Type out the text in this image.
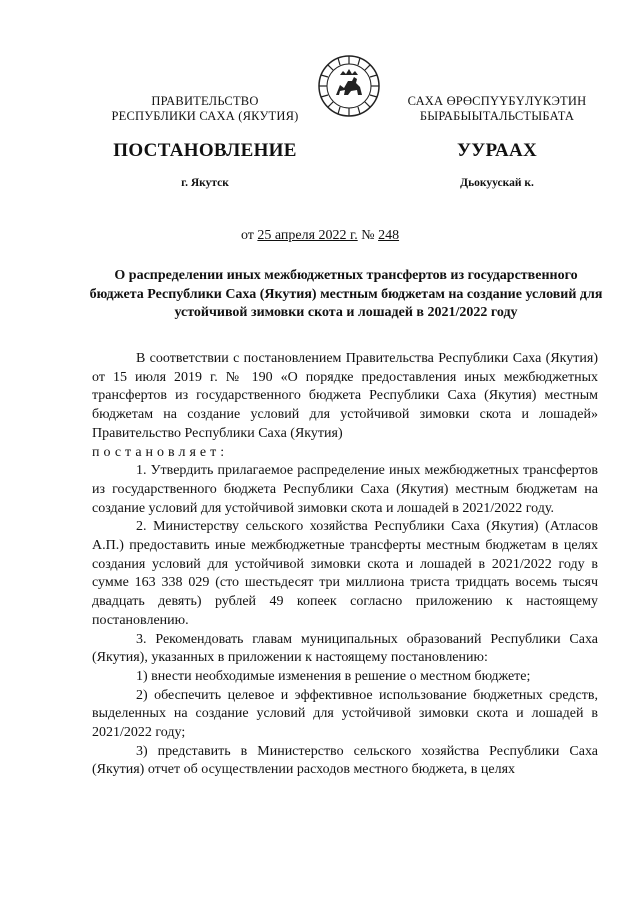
ПРАВИТЕЛЬСТВО
РЕСПУБЛИКИ САХА (ЯКУТИЯ)
САХА ӨРӨСПҮҮБҮЛҮКЭТИН
БЫРАБЫЫТАЛЬСТЫБАТА
ПОСТАНОВЛЕНИЕ	УУРААХ
г. Якутск	Дьокуускай к.
от 25 апреля 2022 г. № 248
О распределении иных межбюджетных трансфертов из государственного бюджета Республики Саха (Якутия) местным бюджетам на создание условий для устойчивой зимовки скота и лошадей в 2021/2022 году

В соответствии с постановлением Правительства Республики Саха (Якутия) от 15 июля 2019 г. № 190 «О порядке предоставления иных межбюджетных трансфертов из государственного бюджета Республики Саха (Якутия) местным бюджетам на создание условий для устойчивой зимовки скота и лошадей» Правительство Республики Саха (Якутия)
постановляет:

1. Утвердить прилагаемое распределение иных межбюджетных трансфертов из государственного бюджета Республики Саха (Якутия) местным бюджетам на создание условий для устойчивой зимовки скота и лошадей в 2021/2022 году.

2. Министерству сельского хозяйства Республики Саха (Якутия) (Атласов А.П.) предоставить иные межбюджетные трансферты местным бюджетам в целях создания условий для устойчивой зимовки скота и лошадей в 2021/2022 году в сумме 163 338 029 (сто шестьдесят три миллиона триста тридцать восемь тысяч двадцать девять) рублей 49 копеек согласно приложению к настоящему постановлению.

3. Рекомендовать главам муниципальных образований Республики Саха (Якутия), указанных в приложении к настоящему постановлению:

1) внести необходимые изменения в решение о местном бюджете;

2) обеспечить целевое и эффективное использование бюджетных средств, выделенных на создание условий для устойчивой зимовки скота и лошадей в 2021/2022 году;

3) представить в Министерство сельского хозяйства Республики Саха (Якутия) отчет об осуществлении расходов местного бюджета, в целях
